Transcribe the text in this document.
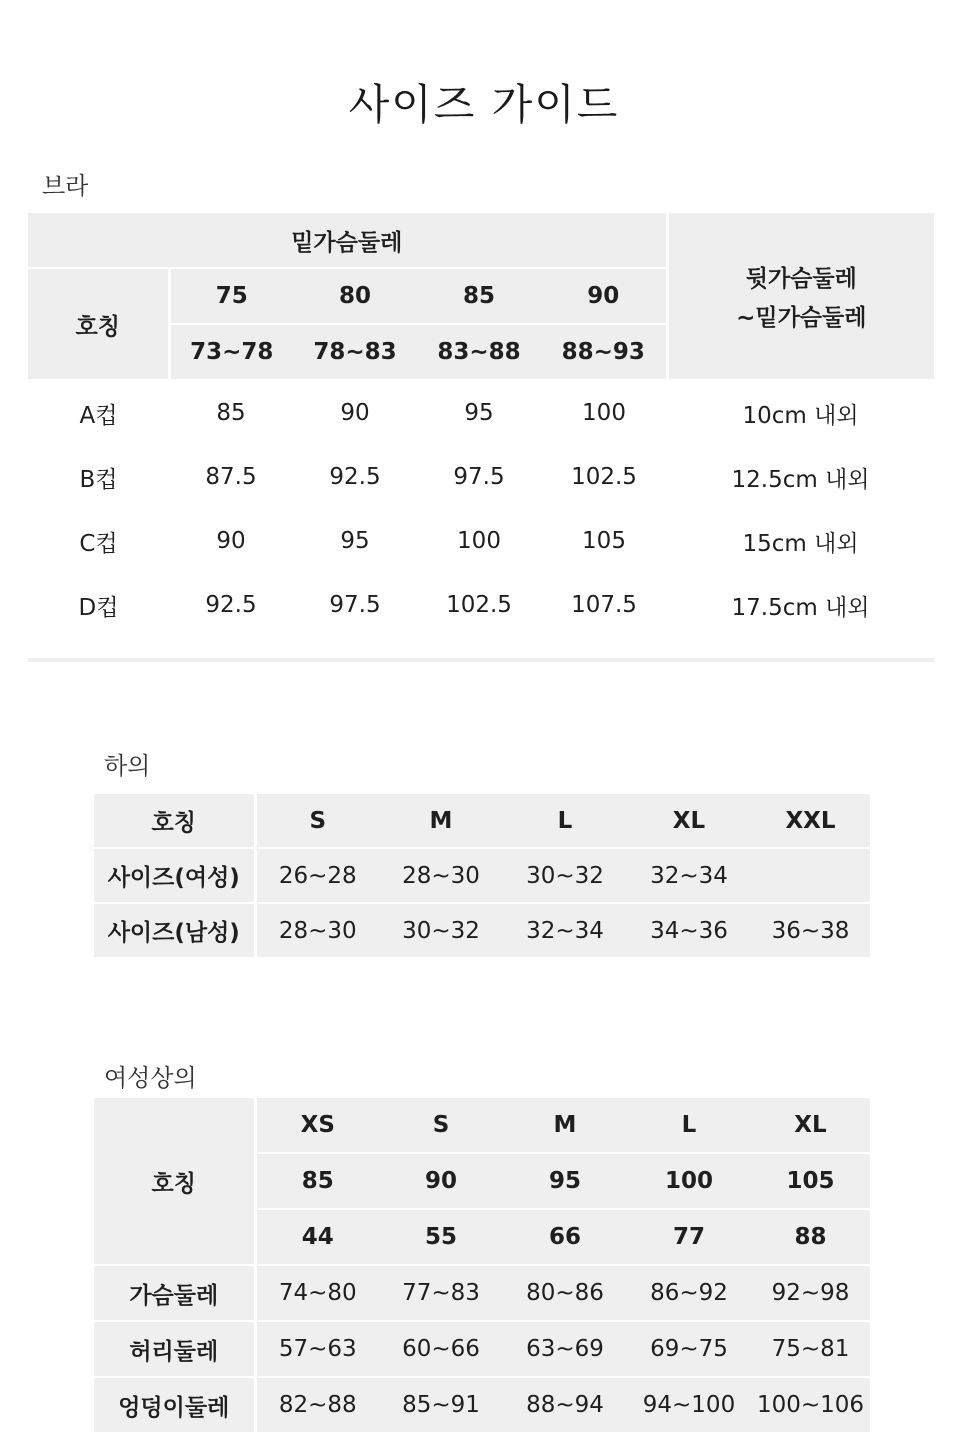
사이즈 가이드
브라
밑가슴둘레					뒷가슴둘레
~밑가슴둘레

호칭	75	80	85	90	
	73~78	78~83	83~88	88~93	
A컵	85	90	95	100	10cm 내외
B컵	87.5	92.5	97.5	102.5	12.5cm 내외
C컵	90	95	100	105	15cm 내외
D컵	92.5	97.5	102.5	107.5	17.5cm 내외
하의
호칭	S	M	L	XL	XXL
사이즈(여성)	26~28	28~30	30~32	32~34	
사이즈(남성)	28~30	30~32	32~34	34~36	36~38
여성상의
호칭	XS	S	M	L	XL
	85	90	95	100	105
	44	55	66	77	88
가슴둘레	74~80	77~83	80~86	86~92	92~98
허리둘레	57~63	60~66	63~69	69~75	75~81
엉덩이둘레	82~88	85~91	88~94	94~100	100~106
